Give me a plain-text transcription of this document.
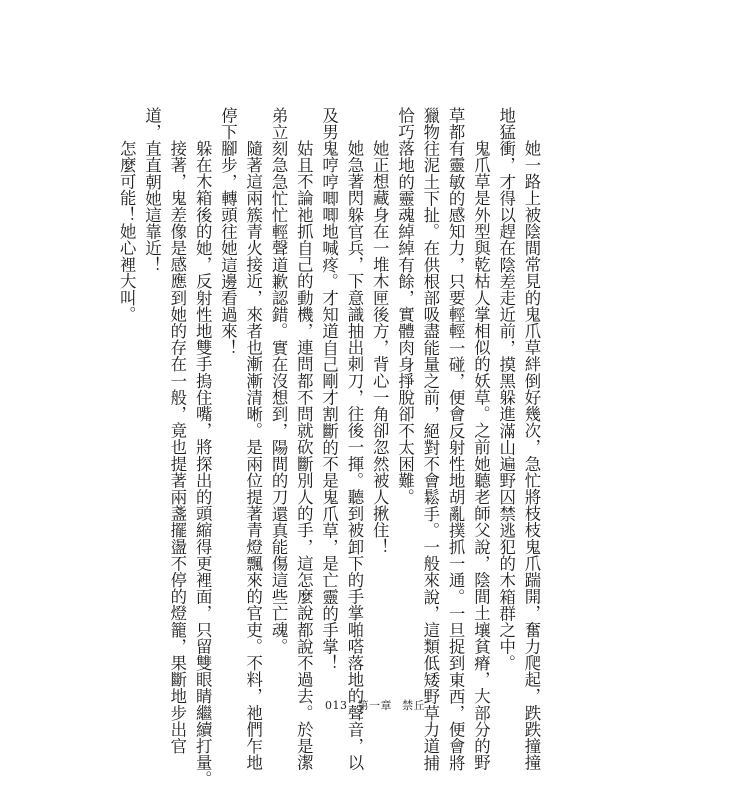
她一路上被陰間常見的鬼爪草絆倒好幾次，急忙將枝枝鬼爪踹開，奮力爬起，跌跌撞撞
地猛衝，才得以趕在陰差走近前，摸黑躲進滿山遍野囚禁逃犯的木箱群之中。
鬼爪草是外型與乾枯人掌相似的妖草。之前她聽老師父說，陰間土壤貧瘠，大部分的野
草都有靈敏的感知力，只要輕輕一碰，便會反射性地胡亂撲抓一通。一旦捉到東西，便會將
獵物往泥土下扯。在供根部吸盡能量之前，絕對不會鬆手。一般來說，這類低矮野草力道捕
恰巧落地的靈魂綽綽有餘，實體肉身掙脫卻不太困難。
她正想藏身在一堆木匣後方，背心一角卻忽然被人揪住！
她急著閃躲官兵，下意識抽出刺刀，往後一揮。聽到被卸下的手掌啪嗒落地的聲音，以
及男鬼哼哼唧唧地喊疼。才知道自己剛才割斷的不是鬼爪草，是亡靈的手掌！
姑且不論祂抓自己的動機，連問都不問就砍斷別人的手，這怎麼說都說不過去。於是潔
弟立刻急急忙忙輕聲道歉認錯。實在沒想到，陽間的刀還真能傷這些亡魂。
隨著這兩簇青火接近，來者也漸漸清晰。是兩位提著青燈飄來的官吏。不料，祂們乍地
停下腳步，轉頭往她這邊看過來！
躲在木箱後的她，反射性地雙手摀住嘴，將探出的頭縮得更裡面，只留雙眼睛繼續打量。
接著，鬼差像是感應到她的存在一般，竟也提著兩盞擺盪不停的燈籠，果斷地步出官
道，直直朝她這靠近！
怎麼可能！她心裡大叫。
013 第一章 禁丘
